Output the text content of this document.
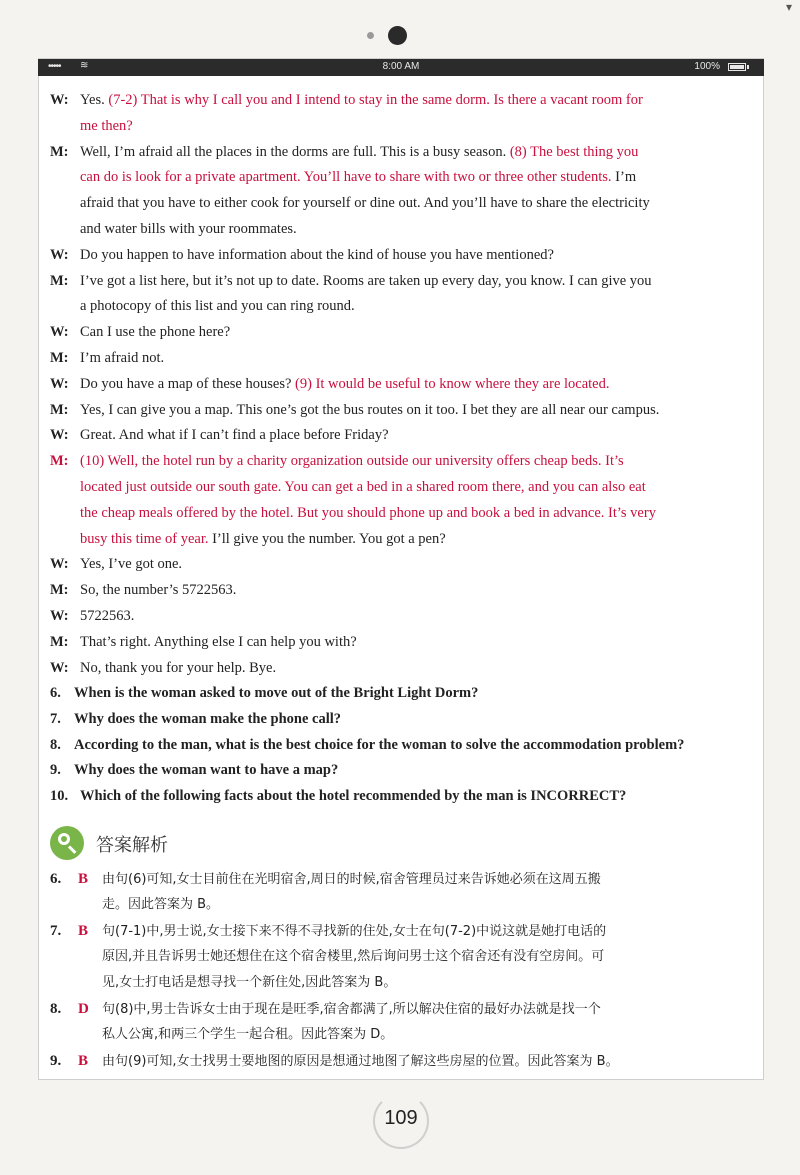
▾
••••• ≋	8:00 AM	100%
W: Yes. (7-2) That is why I call you and I intend to stay in the same dorm. Is there a vacant room for
me then?
M: Well, I’m afraid all the places in the dorms are full. This is a busy season. (8) The best thing you
can do is look for a private apartment. You’ll have to share with two or three other students. I’m
afraid that you have to either cook for yourself or dine out. And you’ll have to share the electricity
and water bills with your roommates.
W: Do you happen to have information about the kind of house you have mentioned?
M: I’ve got a list here, but it’s not up to date. Rooms are taken up every day, you know. I can give you
a photocopy of this list and you can ring round.
W: Can I use the phone here?
M: I’m afraid not.
W: Do you have a map of these houses? (9) It would be useful to know where they are located.
M: Yes, I can give you a map. This one’s got the bus routes on it too. I bet they are all near our campus.
W: Great. And what if I can’t find a place before Friday?
M: (10) Well, the hotel run by a charity organization outside our university offers cheap beds. It’s
located just outside our south gate. You can get a bed in a shared room there, and you can also eat
the cheap meals offered by the hotel. But you should phone up and book a bed in advance. It’s very
busy this time of year. I’ll give you the number. You got a pen?
W: Yes, I’ve got one.
M: So, the number’s 5722563.
W: 5722563.
M: That’s right. Anything else I can help you with?
W: No, thank you for your help. Bye.
6. When is the woman asked to move out of the Bright Light Dorm?
7. Why does the woman make the phone call?
8. According to the man, what is the best choice for the woman to solve the accommodation problem?
9. Why does the woman want to have a map?
10. Which of the following facts about the hotel recommended by the man is INCORRECT?
答案解析
6. B 由句(6)可知,女士目前住在光明宿舍,周日的时候,宿舍管理员过来告诉她必须在这周五搬
走。因此答案为 B。
7. B 句(7-1)中,男士说,女士接下来不得不寻找新的住处,女士在句(7-2)中说这就是她打电话的
原因,并且告诉男士她还想住在这个宿舍楼里,然后询问男士这个宿舍还有没有空房间。可
见,女士打电话是想寻找一个新住处,因此答案为 B。
8. D 句(8)中,男士告诉女士由于现在是旺季,宿舍都满了,所以解决住宿的最好办法就是找一个
私人公寓,和两三个学生一起合租。因此答案为 D。
9. B 由句(9)可知,女士找男士要地图的原因是想通过地图了解这些房屋的位置。因此答案为 B。
109
